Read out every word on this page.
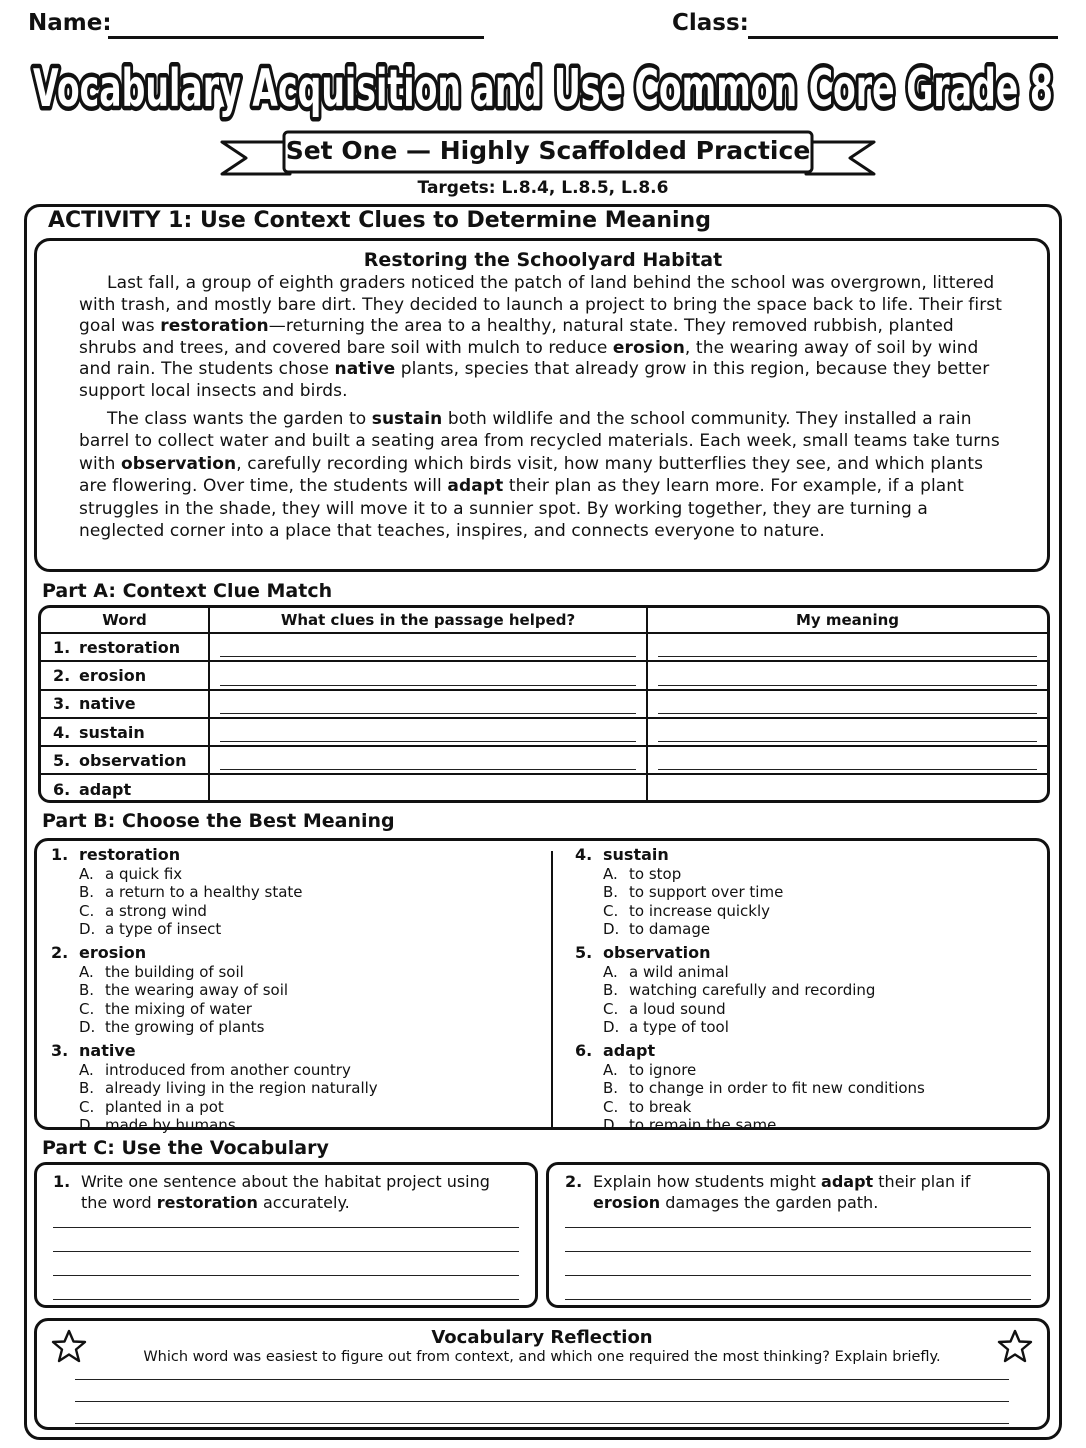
Name:	Class:
Vocabulary Acquisition and Use Common Core Grade 8
Set One — Highly Scaffolded Practice
Targets: L.8.4, L.8.5, L.8.6
ACTIVITY 1: Use Context Clues to Determine Meaning
Restoring the Schoolyard Habitat

Last fall, a group of eighth graders noticed the patch of land behind the school was overgrown, littered with trash, and mostly bare dirt. They decided to launch a project to bring the space back to life. Their first goal was restoration—returning the area to a healthy, natural state. They removed rubbish, planted shrubs and trees, and covered bare soil with mulch to reduce erosion, the wearing away of soil by wind and rain. The students chose native plants, species that already grow in this region, because they better support local insects and birds.

The class wants the garden to sustain both wildlife and the school community. They installed a rain barrel to collect water and built a seating area from recycled materials. Each week, small teams take turns with observation, carefully recording which birds visit, how many butterflies they see, and which plants are flowering. Over time, the students will adapt their plan as they learn more. For example, if a plant struggles in the shade, they will move it to a sunnier spot. By working together, they are turning a neglected corner into a place that teaches, inspires, and connects everyone to nature.

Part A: Context Clue Match
Word	What clues in the passage helped?	My meaning
1. restoration
2. erosion
3. native
4. sustain
5. observation
6. adapt
Part B: Choose the Best Meaning
1. restoration
A. a quick fix
B. a return to a healthy state
C. a strong wind
D. a type of insect
2. erosion
A. the building of soil
B. the wearing away of soil
C. the mixing of water
D. the growing of plants
3. native
A. introduced from another country
B. already living in the region naturally
C. planted in a pot
D. made by humans
4. sustain
A. to stop
B. to support over time
C. to increase quickly
D. to damage
5. observation
A. a wild animal
B. watching carefully and recording
C. a loud sound
D. a type of tool
6. adapt
A. to ignore
B. to change in order to fit new conditions
C. to break
D. to remain the same
Part C: Use the Vocabulary
1. Write one sentence about the habitat project using the word restoration accurately.
2. Explain how students might adapt their plan if erosion damages the garden path.
Vocabulary Reflection
Which word was easiest to figure out from context, and which one required the most thinking? Explain briefly.
